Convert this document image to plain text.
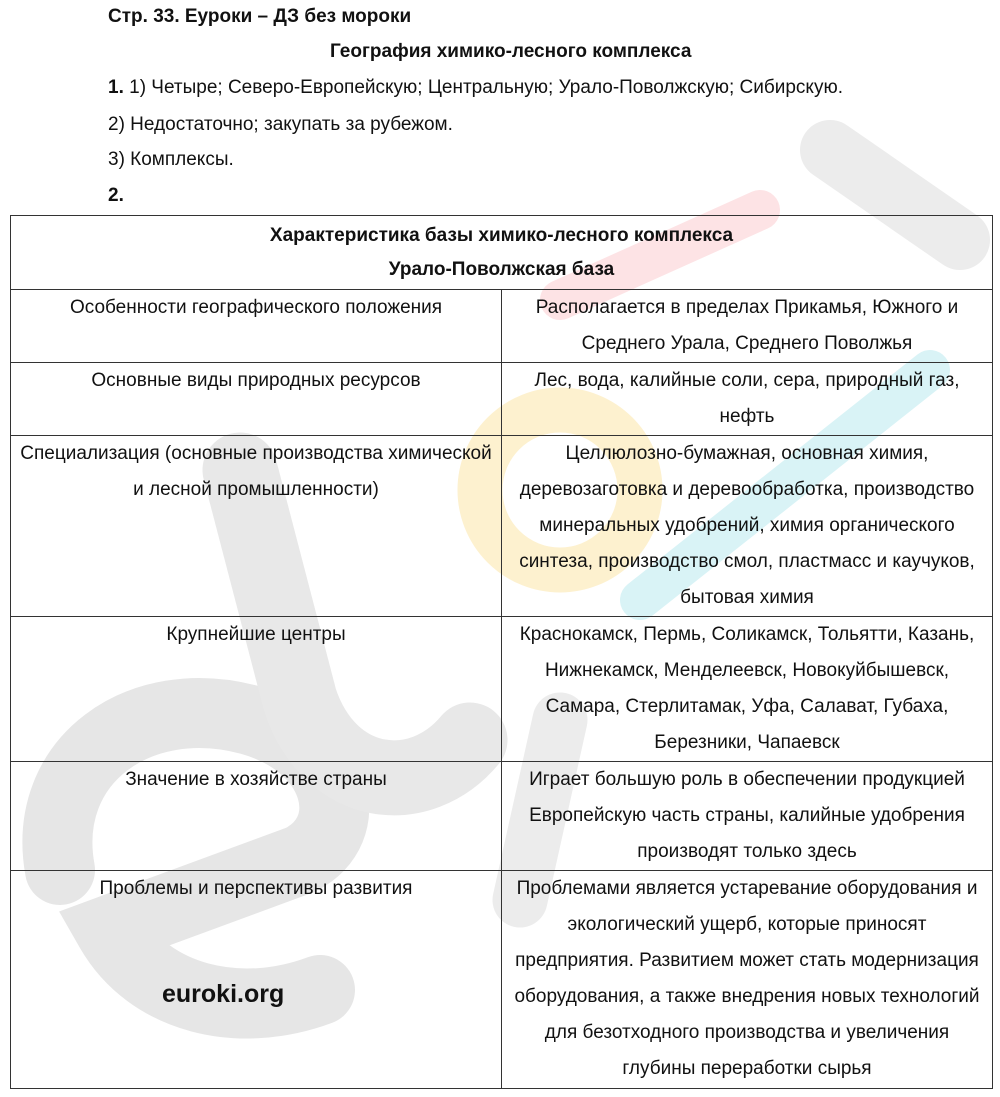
Стр. 33. Еуроки – ДЗ без мороки
География химико-лесного комплекса
1. 1) Четыре; Северо-Европейскую; Центральную; Урало-Поволжскую; Сибирскую.
2) Недостаточно; закупать за рубежом.
3) Комплексы.
2.
Характеристика базы химико-лесного комплекса
Урало-Поволжская база	

Особенности географического положения	Располагается в пределах Прикамья, Южного и Среднего Урала, Среднего Поволжья
Основные виды природных ресурсов	Лес, вода, калийные соли, сера, природный газ, нефть
Специализация (основные производства химической и лесной промышленности)	Целлюлозно-бумажная, основная химия, деревозаготовка и деревообработка, производство минеральных удобрений, химия органического синтеза, производство смол, пластмасс и каучуков, бытовая химия
Крупнейшие центры	Краснокамск, Пермь, Соликамск, Тольятти, Казань, Нижнекамск, Менделеевск, Новокуйбышевск, Самара, Стерлитамак, Уфа, Салават, Губаха, Березники, Чапаевск
Значение в хозяйстве страны	Играет большую роль в обеспечении продукцией Европейскую часть страны, калийные удобрения производят только здесь
Проблемы и перспективы развития	Проблемами является устаревание оборудования и экологический ущерб, которые приносят предприятия. Развитием может стать модернизация оборудования, а также внедрения новых технологий для безотходного производства и увеличения глубины переработки сырья
euroki.org
